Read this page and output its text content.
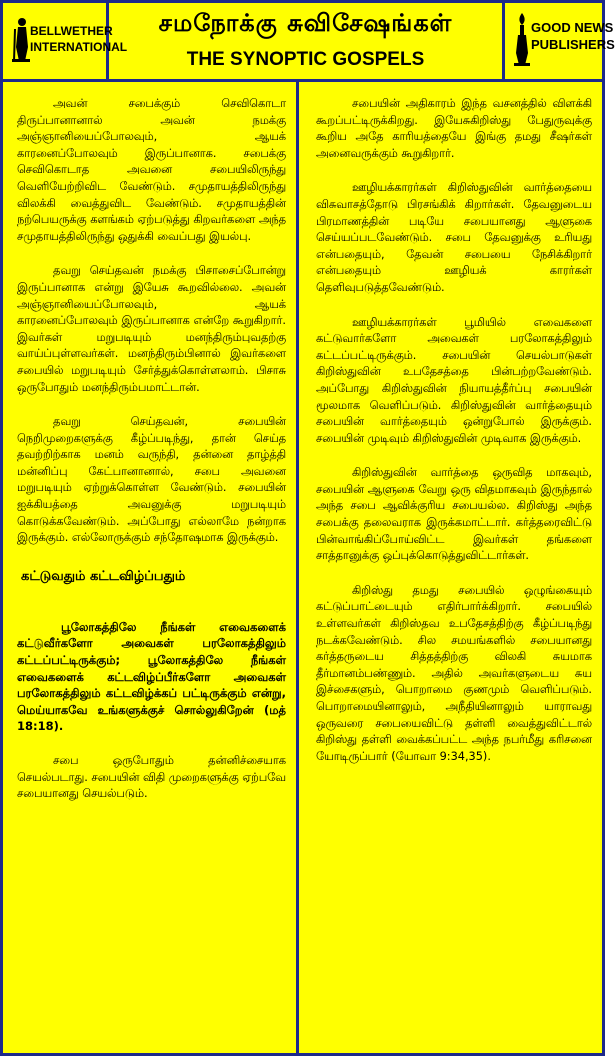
BELLWETHER
INTERNATIONAL
சமநோக்கு சுவிசேஷங்கள்
THE SYNOPTIC GOSPELS
GOOD NEWS
PUBLISHERS

அவன் சபைக்கும் செவிகொடா திருப்பானானால் அவன் நமக்கு அஞ்ஞானியைப்போலவும், ஆயக் காரனைப்போலவும் இருப்பானாக. சபைக்கு செவிகொடாத அவனை சபையிலிருந்து வெளியேற்றிவிட வேண்டும். சமுதாயத்திலிருந்து விலக்கி வைத்துவிட வேண்டும். சமுதாயத்தின் நற்பெயருக்கு களங்கம் ஏற்படுத்து கிறவர்களை அந்த சமுதாயத்திலிருந்து ஒதுக்கி வைப்பது இயல்பு.

தவறு செய்தவன் நமக்கு பிசாசைப்போன்று இருப்பானாக என்று இயேசு கூறவில்லை. அவன் அஞ்ஞானியைப்போலவும், ஆயக் காரனைப்போலவும் இருப்பானாக என்றே கூறுகிறார். இவர்கள் மறுபடியும் மனந்திரும்புவதற்கு வாய்ப்புள்ளவர்கள். மனந்திரும்பினால் இவர்களை சபையில் மறுபடியும் சேர்த்துக்கொள்ளலாம். பிசாசு ஒருபோதும் மனந்திரும்பமாட்டான்.

தவறு செய்தவன், சபையின் நெறிமுறைகளுக்கு கீழ்ப்படிந்து, தான் செய்த தவற்றிற்காக மனம் வருந்தி, தன்னை தாழ்த்தி மன்னிப்பு கேட்பானானால், சபை அவனை மறுபடியும் ஏற்றுக்கொள்ள வேண்டும். சபையின் ஐக்கியத்தை அவனுக்கு மறுபடியும் கொடுக்கவேண்டும். அப்போது எல்லாமே நன்றாக இருக்கும். எல்லோருக்கும் சந்தோஷமாக இருக்கும்.

கட்டுவதும் கட்டவிழ்ப்பதும்

பூலோகத்திலே நீங்கள் எவைகளைக் கட்டுவீர்களோ அவைகள் பரலோகத்திலும் கட்டப்பட்டிருக்கும்; பூலோகத்திலே நீங்கள் எவைகளைக் கட்டவிழ்ப்பீர்களோ அவைகள் பரலோகத்திலும் கட்டவிழ்க்கப் பட்டிருக்கும் என்று, மெய்யாகவே உங்களுக்குச் சொல்லுகிறேன் (மத் 18:18).

சபை ஒருபோதும் தன்னிச்சையாக செயல்படாது. சபையின் விதி முறைகளுக்கு ஏற்பவே சபையானது செயல்படும்.

சபையின் அதிகாரம் இந்த வசனத்தில் விளக்கி கூறப்பட்டிருக்கிறது. இயேசுகிறிஸ்து பேதுருவுக்கு கூறிய அதே காரியத்தையே இங்கு தமது சீஷர்கள் அனைவருக்கும் கூறுகிறார்.

ஊழியக்காரர்கள் கிறிஸ்துவின் வார்த்தையை விசுவாசத்தோடு பிரசங்கிக் கிறார்கள். தேவனுடைய பிரமாணத்தின் படியே சபையானது ஆளுகை செய்யப்படவேண்டும். சபை தேவனுக்கு உரியது என்பதையும், தேவன் சபையை நேசிக்கிறார் என்பதையும் ஊழியக் காரர்கள் தெளிவுபடுத்தவேண்டும்.

ஊழியக்காரர்கள் பூமியில் எவைகளை கட்டுவார்களோ அவைகள் பரலோகத்திலும் கட்டப்பட்டிருக்கும். சபையின் செயல்பாடுகள் கிறிஸ்துவின் உபதேசத்தை பின்பற்றவேண்டும். அப்போது கிறிஸ்துவின் நியாயத்தீர்ப்பு சபையின் மூலமாக வெளிப்படும். கிறிஸ்துவின் வார்த்தையும் சபையின் வார்த்தையும் ஒன்றுபோல் இருக்கும். சபையின் முடிவும் கிறிஸ்துவின் முடிவாக இருக்கும்.

கிறிஸ்துவின் வார்த்தை ஒருவித மாகவும், சபையின் ஆளுகை வேறு ஒரு விதமாகவும் இருந்தால் அந்த சபை ஆவிக்குரிய சபையல்ல. கிறிஸ்து அந்த சபைக்கு தலைவராக இருக்கமாட்டார். கர்த்தரைவிட்டு பின்வாங்கிப்போய்விட்ட இவர்கள் தங்களை சாத்தானுக்கு ஒப்புக்கொடுத்துவிட்டார்கள்.

கிறிஸ்து தமது சபையில் ஒழுங்கையும் கட்டுப்பாட்டையும் எதிர்பார்க்கிறார். சபையில் உள்ளவர்கள் கிறிஸ்தவ உபதேசத்திற்கு கீழ்ப்படிந்து நடக்கவேண்டும். சில சமயங்களில் சபையானது கர்த்தருடைய சித்தத்திற்கு விலகி சுயமாக தீர்மானம்பண்ணும். அதில் அவர்களுடைய சுய இச்சைகளும், பொறாமை குணமும் வெளிப்படும். பொறாமையினாலும், அநீதியினாலும் யாராவது ஒருவரை சபையைவிட்டு தள்ளி வைத்துவிட்டால் கிறிஸ்து தள்ளி வைக்கப்பட்ட அந்த நபர்மீது கரிசனை யோடிருப்பார் (யோவா 9:34,35).
